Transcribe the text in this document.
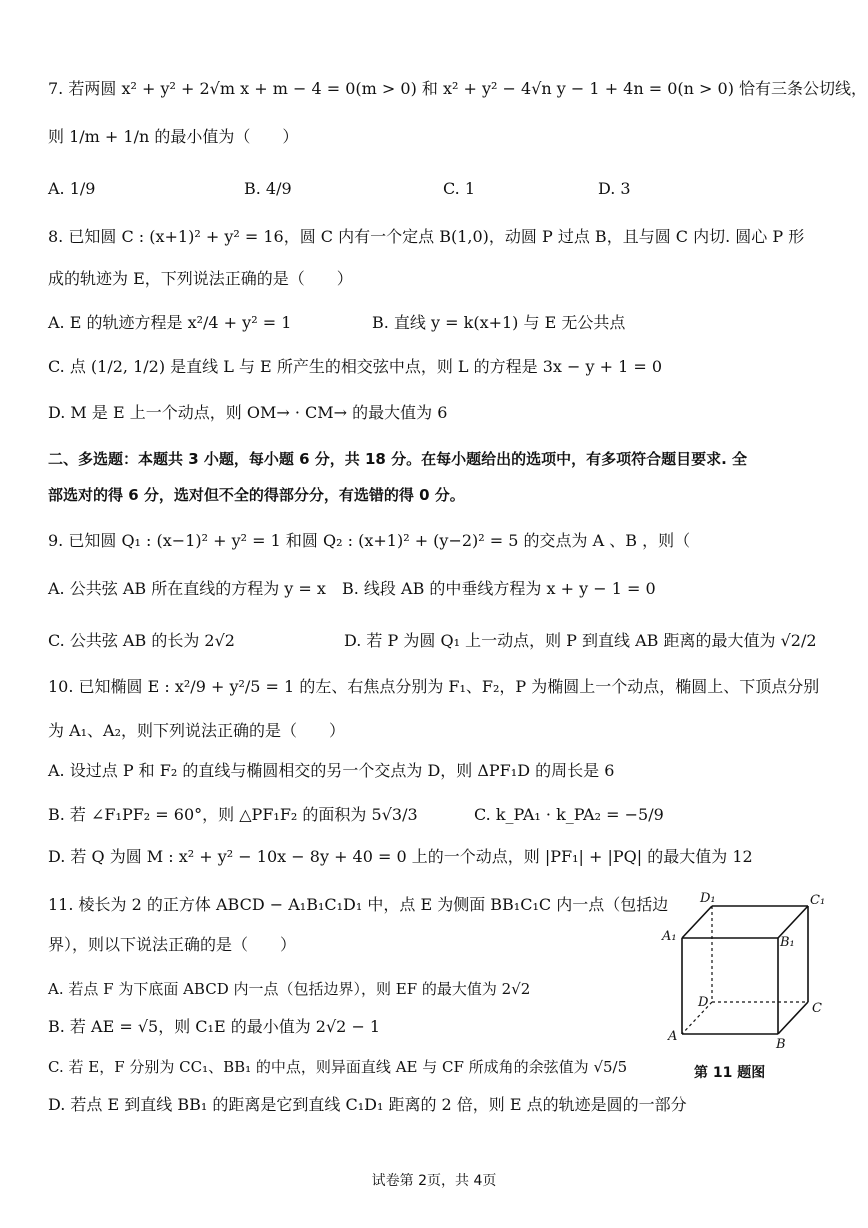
7. 若两圆 x² + y² + 2√m x + m − 4 = 0(m > 0) 和 x² + y² − 4√n y − 1 + 4n = 0(n > 0) 恰有三条公切线，
则 1/m + 1/n 的最小值为（　　）
A. 1/9	B. 4/9	C. 1	D. 3
8. 已知圆 C : (x+1)² + y² = 16，圆 C 内有一个定点 B(1,0)，动圆 P 过点 B，且与圆 C 内切. 圆心 P 形
成的轨迹为 E，下列说法正确的是（　　）
A. E 的轨迹方程是 x²/4 + y² = 1	B. 直线 y = k(x+1) 与 E 无公共点
C. 点 (1/2, 1/2) 是直线 L 与 E 所产生的相交弦中点，则 L 的方程是 3x − y + 1 = 0
D. M 是 E 上一个动点，则 OM→ · CM→ 的最大值为 6
二、多选题：本题共 3 小题，每小题 6 分，共 18 分。在每小题给出的选项中，有多项符合题目要求. 全
部选对的得 6 分，选对但不全的得部分分，有选错的得 0 分。
9. 已知圆 Q₁ : (x−1)² + y² = 1 和圆 Q₂ : (x+1)² + (y−2)² = 5 的交点为 A 、B ，则（
A. 公共弦 AB 所在直线的方程为 y = x B. 线段 AB 的中垂线方程为 x + y − 1 = 0
C. 公共弦 AB 的长为 2√2	D. 若 P 为圆 Q₁ 上一动点，则 P 到直线 AB 距离的最大值为 √2/2
10. 已知椭圆 E : x²/9 + y²/5 = 1 的左、右焦点分别为 F₁、F₂，P 为椭圆上一个动点，椭圆上、下顶点分别
为 A₁、A₂，则下列说法正确的是（　　）
A. 设过点 P 和 F₂ 的直线与椭圆相交的另一个交点为 D，则 ΔPF₁D 的周长是 6
B. 若 ∠F₁PF₂ = 60°，则 △PF₁F₂ 的面积为 5√3/3	C. k_PA₁ · k_PA₂ = −5/9
D. 若 Q 为圆 M : x² + y² − 10x − 8y + 40 = 0 上的一个动点，则 |PF₁| + |PQ| 的最大值为 12
11. 棱长为 2 的正方体 ABCD − A₁B₁C₁D₁ 中，点 E 为侧面 BB₁C₁C 内一点（包括边
界），则以下说法正确的是（　　）
A. 若点 F 为下底面 ABCD 内一点（包括边界），则 EF 的最大值为 2√2
B. 若 AE = √5，则 C₁E 的最小值为 2√2 − 1
C. 若 E，F 分别为 CC₁、BB₁ 的中点，则异面直线 AE 与 CF 所成角的余弦值为 √5/5
D. 若点 E 到直线 BB₁ 的距离是它到直线 C₁D₁ 距离的 2 倍，则 E 点的轨迹是圆的一部分
D₁	C₁
A₁	B₁
D	C
A
B
第 11 题图
试卷第 2页，共 4页
